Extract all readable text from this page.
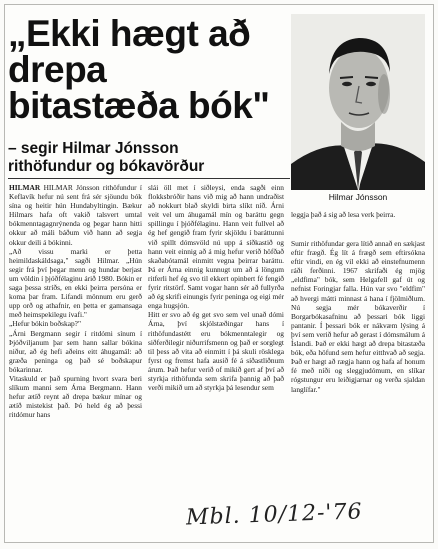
„Ekki hægt að
drepa
bitastæða bók"
– segir Hilmar Jónsson
rithöfundur og bókavörður
Hilmar Jónsson

HILMAR HILMAR Jónsson rithöfundur í Keflavík hefur nú sent frá sér sjöundu bók sína og heitir hún Hundabyltingin. Bækur Hilmars hafa oft vakið talsvert umtal bókmenntagagnrýnenda og þegar hann hitti okkur að máli báðum við hann að segja okkur deili á bókinni.

„Að vissu marki er þetta heimildaskáldsaga," sagði Hilmar. „Hún segir frá því þegar menn og hundar berjast um völdin í þjóðfélaginu árið 1980. Bókin er saga þessa stríðs, en ekki þeirra persóna er koma þar fram. Lifandi mönnum eru gerð upp orð og athafnir, en þetta er gamansaga með heimspekilegu ívafi."

„Hefur bókin boðskap?"

„Árni Bergmann segir í ritdómi sínum í Þjóðviljanum þar sem hann sallar bókina niður, að ég hefi aðeins eitt áhugamál: að græða peninga og það sé boðskapur bókarinnar.

Vitaskuld er það spurning hvort svara beri slíkum manni sem Árna Bergmann. Hann hefur ætíð reynt að drepa bækur mínar og ætíð mistekist það. Þó held ég að þessi ritdómur hans

slái öll met í siðleysi, enda sagði einn flokksbróðir hans við mig að hann undraðist að nokkurt blað skyldi birta slíkt níð. Árni veit vel um áhugamál mín og baráttu gegn spillingu í þjóðfélaginu. Hann veit fullvel að ég hef gengið fram fyrir skjöldu í baráttunni við spillt dómsvöld nú upp á síðkastið og hann veit einnig að á mig hefur verið höfðað skaðabótamál einmitt vegna þeirrar baráttu. Þá er Árna einnig kunnugt um að á löngum ritferli hef ég svo til ekkert opinbert fé fengið fyrir ritstörf. Samt vogar hann sér að fullyrða að ég skrifi einungis fyrir peninga og eigi mér enga hugsjón.

Hitt er svo að ég get svo sem vel unað dómi Árna, því skjólstæðingar hans í rithöfundastétt eru bókmenntalegir og siðferðilegir niðurrifsmenn og það er sorglegt til þess að vita að einmitt í þá skuli rösklega fyrst og fremst hafa ausið fé á síðastliðnum árum. Það hefur verið of mikið gert af því að styrkja rithöfunda sem skrifa þannig að það verði mikið um að styrkja þá lesendur sem

leggja það á sig að lesa verk þeirra.

Sumir rithöfundar gera lítið annað en sækjast eftir frægð. Ég lít á frægð sem eftirsókna eftir vindi, en ég vil ekki að einstefnumenn ráði ferðinni. 1967 skrifaði ég mjög „eldfima" bók, sem Helgafell gaf út og nefnist Foringjar falla. Hún var svo "eldfim" að hvergi mátti minnast á hana í fjölmiðlum. Nú segja mér bókaverðir í Borgarbókasafninu að þessari bók liggi pantanir. Í þessari bók er nákvæm lýsing á því sem verið hefur að gerast í dómsmálum á Íslandi. Það er ekki hægt að drepa bitastæða bók, eða höfund sem hefur eitthvað að segja. Það er hægt að rægja hann og hafa af honum fé með níði og sleggjudómum, en slíkar rógstungur eru leiðigjarnar og verða sjaldan langlífar."

Mbl. 10/12-'76
